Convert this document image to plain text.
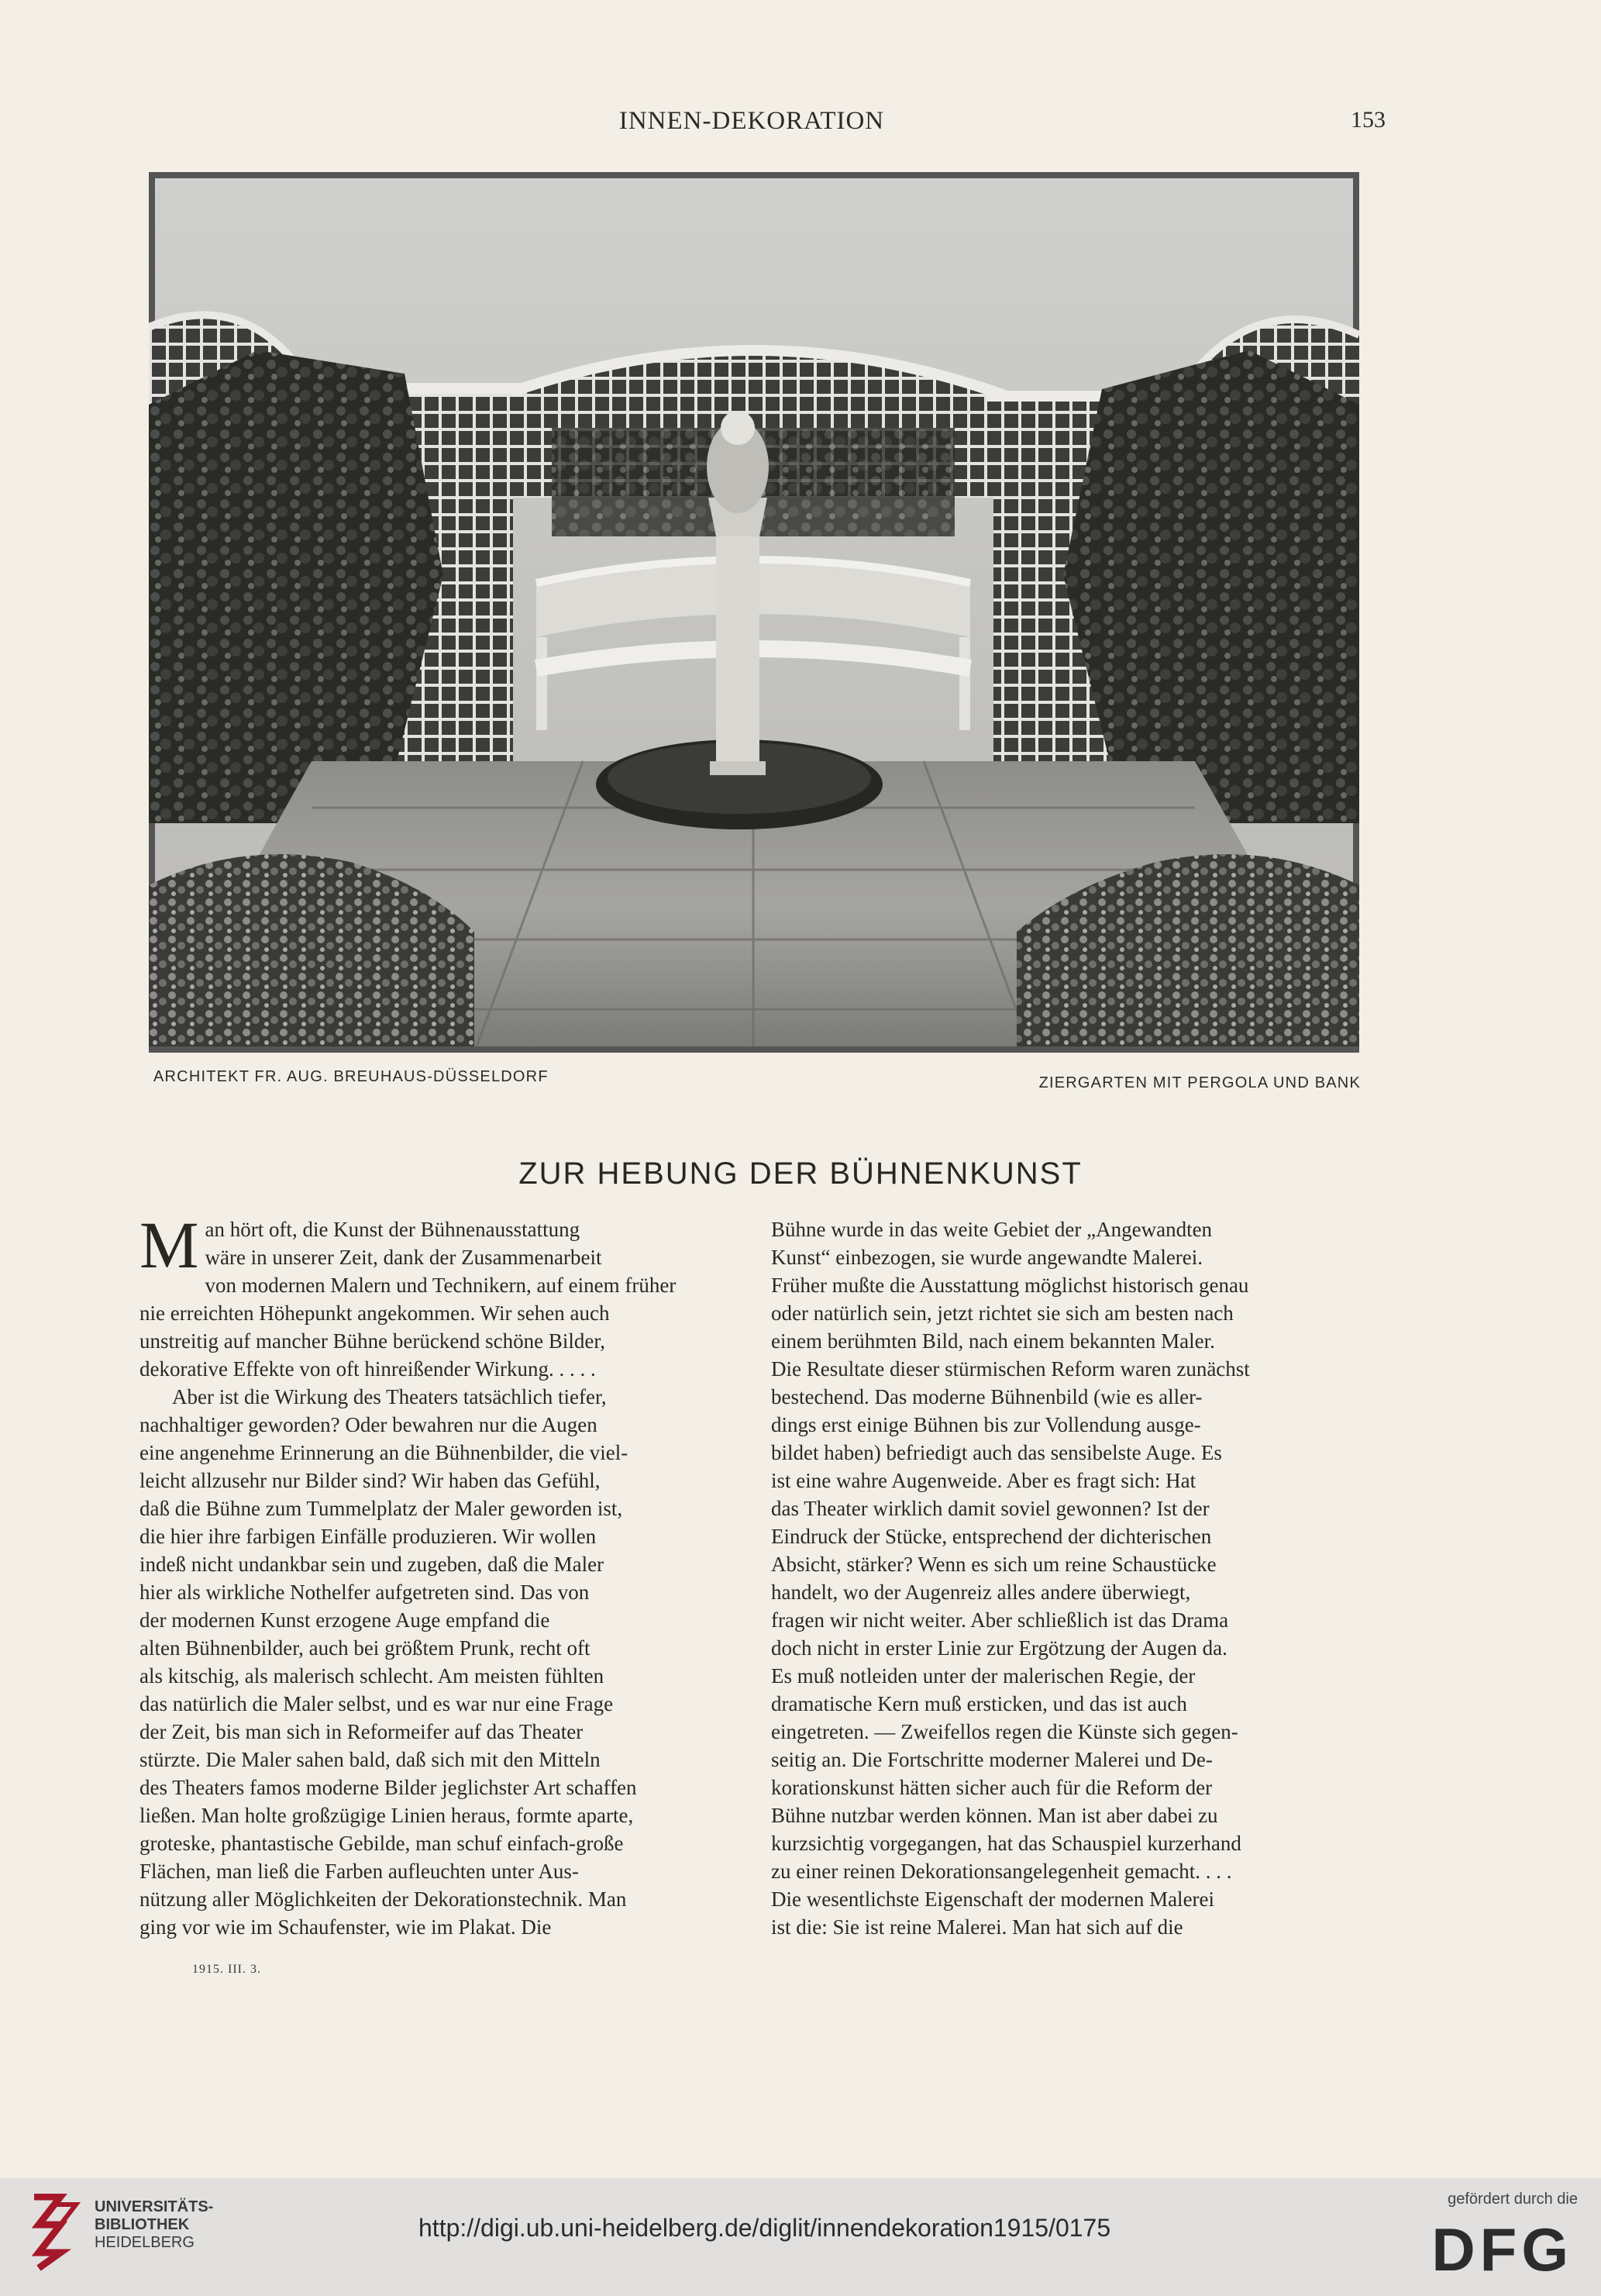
INNEN-DEKORATION	153
ARCHITEKT FR. AUG. BREUHAUS-DÜSSELDORF	ZIERGARTEN MIT PERGOLA UND BANK
ZUR HEBUNG DER BÜHNENKUNST
M an hört oft, die Kunst der Bühnenausstattung
wäre in unserer Zeit, dank der Zusammenarbeit
von modernen Malern und Technikern, auf einem früher
nie erreichten Höhepunkt angekommen. Wir sehen auch
unstreitig auf mancher Bühne berückend schöne Bilder,
dekorative Effekte von oft hinreißender Wirkung. . . . .
Aber ist die Wirkung des Theaters tatsächlich tiefer,
nachhaltiger geworden? Oder bewahren nur die Augen
eine angenehme Erinnerung an die Bühnenbilder, die viel-
leicht allzusehr nur Bilder sind? Wir haben das Gefühl,
daß die Bühne zum Tummelplatz der Maler geworden ist,
die hier ihre farbigen Einfälle produzieren. Wir wollen
indeß nicht undankbar sein und zugeben, daß die Maler
hier als wirkliche Nothelfer aufgetreten sind. Das von
der modernen Kunst erzogene Auge empfand die
alten Bühnenbilder, auch bei größtem Prunk, recht oft
als kitschig, als malerisch schlecht. Am meisten fühlten
das natürlich die Maler selbst, und es war nur eine Frage
der Zeit, bis man sich in Reformeifer auf das Theater
stürzte. Die Maler sahen bald, daß sich mit den Mitteln
des Theaters famos moderne Bilder jeglichster Art schaffen
ließen. Man holte großzügige Linien heraus, formte aparte,
groteske, phantastische Gebilde, man schuf einfach-große
Flächen, man ließ die Farben aufleuchten unter Aus-
nützung aller Möglichkeiten der Dekorationstechnik. Man
ging vor wie im Schaufenster, wie im Plakat. Die
Bühne wurde in das weite Gebiet der „Angewandten
Kunst“ einbezogen, sie wurde angewandte Malerei.
Früher mußte die Ausstattung möglichst historisch genau
oder natürlich sein, jetzt richtet sie sich am besten nach
einem berühmten Bild, nach einem bekannten Maler.
Die Resultate dieser stürmischen Reform waren zunächst
bestechend. Das moderne Bühnenbild (wie es aller-
dings erst einige Bühnen bis zur Vollendung ausge-
bildet haben) befriedigt auch das sensibelste Auge. Es
ist eine wahre Augenweide. Aber es fragt sich: Hat
das Theater wirklich damit soviel gewonnen? Ist der
Eindruck der Stücke, entsprechend der dichterischen
Absicht, stärker? Wenn es sich um reine Schaustücke
handelt, wo der Augenreiz alles andere überwiegt,
fragen wir nicht weiter. Aber schließlich ist das Drama
doch nicht in erster Linie zur Ergötzung der Augen da.
Es muß notleiden unter der malerischen Regie, der
dramatische Kern muß ersticken, und das ist auch
eingetreten. — Zweifellos regen die Künste sich gegen-
seitig an. Die Fortschritte moderner Malerei und De-
korationskunst hätten sicher auch für die Reform der
Bühne nutzbar werden können. Man ist aber dabei zu
kurzsichtig vorgegangen, hat das Schauspiel kurzerhand
zu einer reinen Dekorationsangelegenheit gemacht. . . .
Die wesentlichste Eigenschaft der modernen Malerei
ist die: Sie ist reine Malerei. Man hat sich auf die
1915. III. 3.
UNIVERSITÄTS-
BIBLIOTHEK
HEIDELBERG
http://digi.ub.uni-heidelberg.de/diglit/innendekoration1915/0175
gefördert durch die
DFG
